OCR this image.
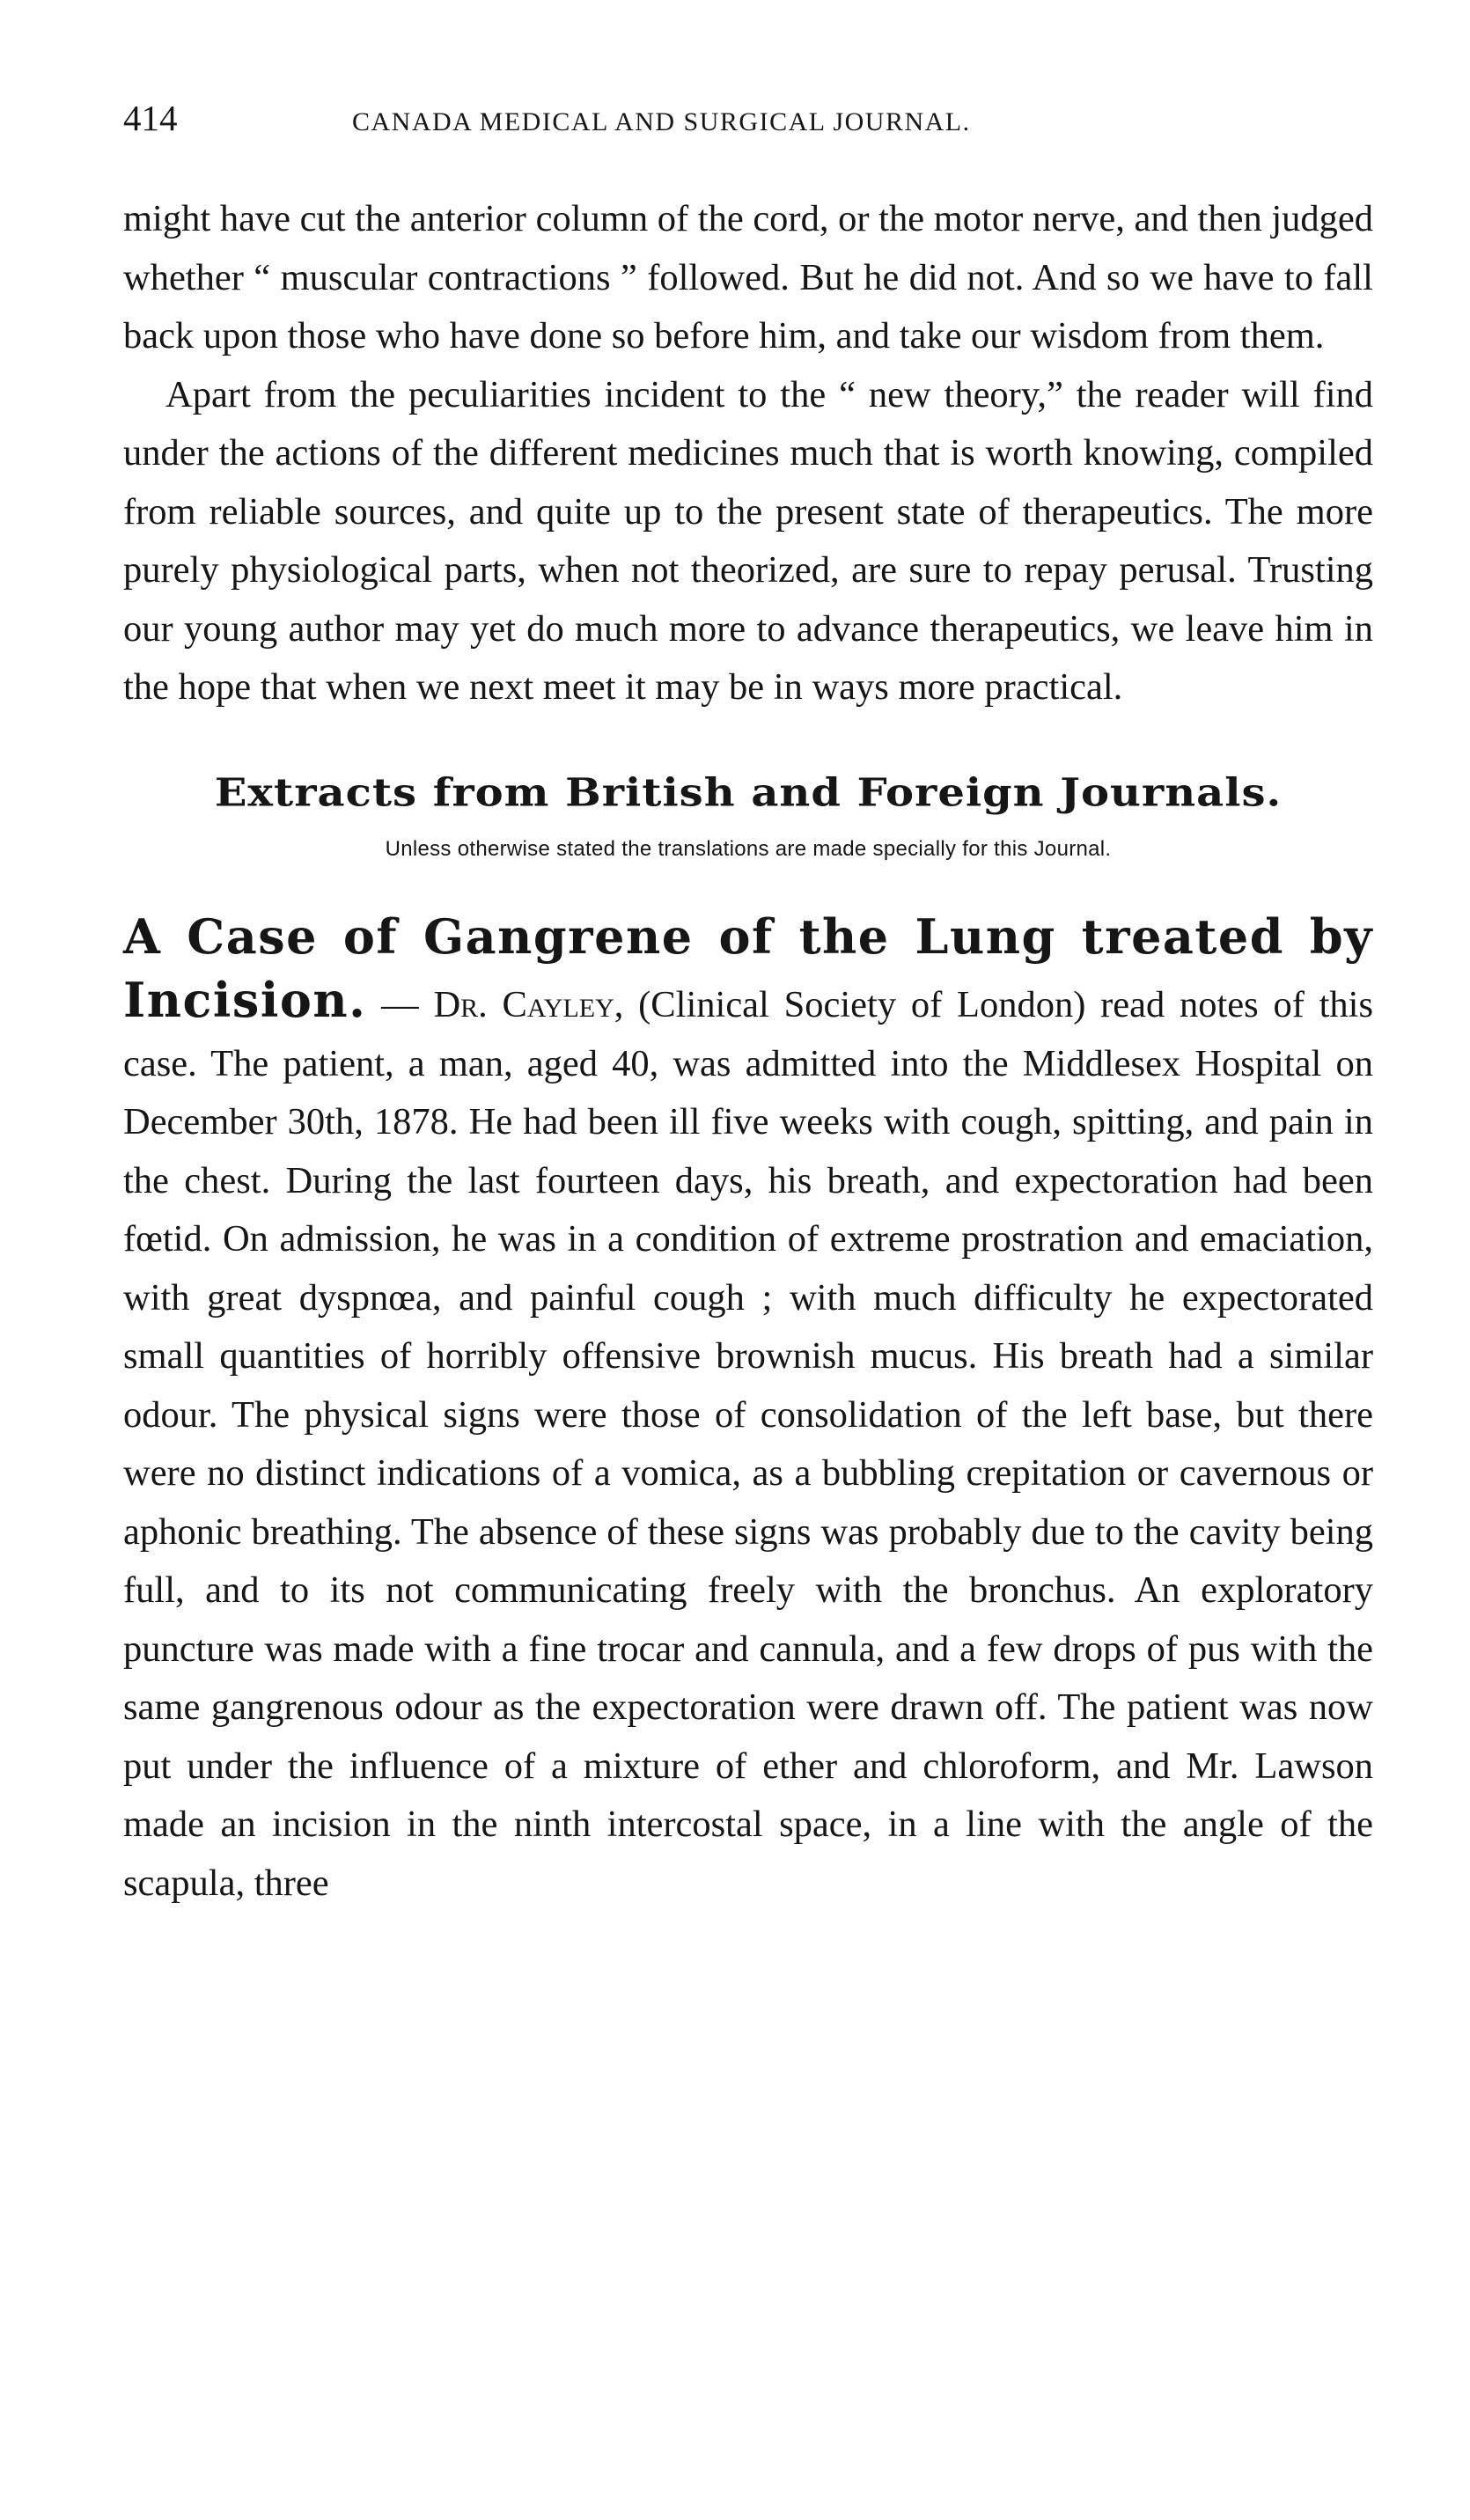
414	CANADA MEDICAL AND SURGICAL JOURNAL.

might have cut the anterior column of the cord, or the motor nerve, and then judged whether “ muscular contractions ” followed. But he did not. And so we have to fall back upon those who have done so before him, and take our wisdom from them.

Apart from the peculiarities incident to the “ new theory,” the reader will find under the actions of the different medicines much that is worth knowing, compiled from reliable sources, and quite up to the present state of therapeutics. The more purely physiological parts, when not theorized, are sure to repay perusal. Trusting our young author may yet do much more to advance therapeutics, we leave him in the hope that when we next meet it may be in ways more practical.

Extracts from British and Foreign Journals.
Unless otherwise stated the translations are made specially for this Journal.

A Case of Gangrene of the Lung treated by Incision. — Dr. Cayley, (Clinical Society of London) read notes of this case. The patient, a man, aged 40, was admitted into the Middlesex Hospital on December 30th, 1878. He had been ill five weeks with cough, spitting, and pain in the chest. During the last fourteen days, his breath, and expectoration had been fœtid. On admission, he was in a condition of extreme prostration and emaciation, with great dyspnœa, and painful cough ; with much difficulty he expectorated small quantities of horribly offensive brownish mucus. His breath had a similar odour. The physical signs were those of consolidation of the left base, but there were no distinct indications of a vomica, as a bubbling crepitation or cavernous or aphonic breathing. The absence of these signs was probably due to the cavity being full, and to its not communicating freely with the bronchus. An exploratory puncture was made with a fine trocar and cannula, and a few drops of pus with the same gangrenous odour as the expectoration were drawn off. The patient was now put under the influence of a mixture of ether and chloroform, and Mr. Lawson made an incision in the ninth intercostal space, in a line with the angle of the scapula, three
